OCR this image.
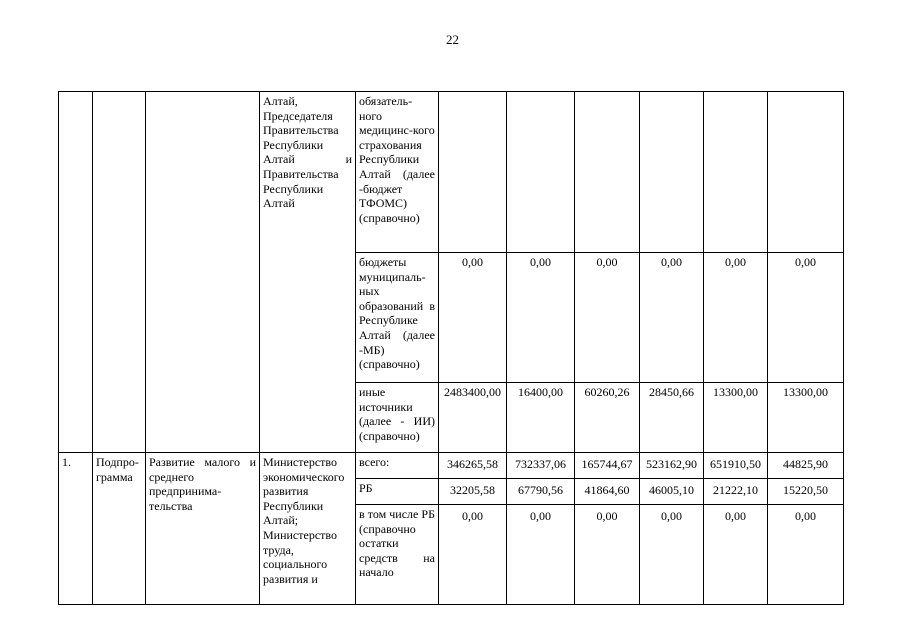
22
			Алтай, Председателя Правительства Республики Алтай и Правительства Республики Алтай	обязатель-ного медицинс-кого страхования Республики Алтай (далее -бюджет ТФОМС) (справочно)						
				бюджеты муниципаль-ных образований в Республике Алтай (далее -МБ) (справочно)	0,00	0,00	0,00	0,00	0,00	0,00
				иные источники (далее - ИИ) (справочно)	2483400,00	16400,00	60260,26	28450,66	13300,00	13300,00
1.	Подпро-грамма	Развитие малого и среднего предпринима-тельства	Министерство экономического развития Республики Алтай; Министерство труда, социального развития и	всего:	346265,58	732337,06	165744,67	523162,90	651910,50	44825,90
				РБ	32205,58	67790,56	41864,60	46005,10	21222,10	15220,50
				в том числе РБ (справочно остатки средств на начало	0,00	0,00	0,00	0,00	0,00	0,00
